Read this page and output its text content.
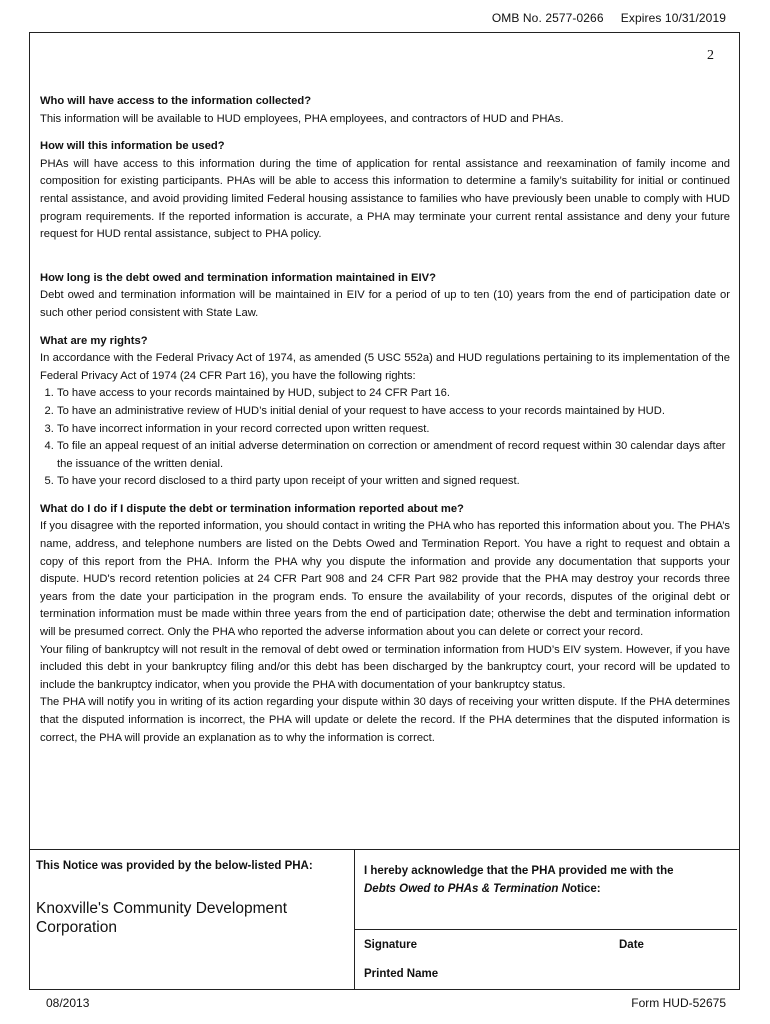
OMB No. 2577-0266 Expires 10/31/2019
2

Who will have access to the information collected?

This information will be available to HUD employees, PHA employees, and contractors of HUD and PHAs.

How will this information be used?

PHAs will have access to this information during the time of application for rental assistance and reexamination of family income and composition for existing participants. PHAs will be able to access this information to determine a family’s suitability for initial or continued rental assistance, and avoid providing limited Federal housing assistance to families who have previously been unable to comply with HUD program requirements. If the reported information is accurate, a PHA may terminate your current rental assistance and deny your future request for HUD rental assistance, subject to PHA policy.

How long is the debt owed and termination information maintained in EIV?

Debt owed and termination information will be maintained in EIV for a period of up to ten (10) years from the end of participation date or such other period consistent with State Law.

What are my rights?

In accordance with the Federal Privacy Act of 1974, as amended (5 USC 552a) and HUD regulations pertaining to its implementation of the Federal Privacy Act of 1974 (24 CFR Part 16), you have the following rights:

1. To have access to your records maintained by HUD, subject to 24 CFR Part 16.
2. To have an administrative review of HUD’s initial denial of your request to have access to your records maintained by HUD.
3. To have incorrect information in your record corrected upon written request.
4. To file an appeal request of an initial adverse determination on correction or amendment of record request within 30 calendar days after the issuance of the written denial.
5. To have your record disclosed to a third party upon receipt of your written and signed request.

What do I do if I dispute the debt or termination information reported about me?

If you disagree with the reported information, you should contact in writing the PHA who has reported this information about you. The PHA’s name, address, and telephone numbers are listed on the Debts Owed and Termination Report. You have a right to request and obtain a copy of this report from the PHA. Inform the PHA why you dispute the information and provide any documentation that supports your dispute. HUD's record retention policies at 24 CFR Part 908 and 24 CFR Part 982 provide that the PHA may destroy your records three years from the date your participation in the program ends. To ensure the availability of your records, disputes of the original debt or termination information must be made within three years from the end of participation date; otherwise the debt and termination information will be presumed correct. Only the PHA who reported the adverse information about you can delete or correct your record.

Your filing of bankruptcy will not result in the removal of debt owed or termination information from HUD’s EIV system. However, if you have included this debt in your bankruptcy filing and/or this debt has been discharged by the bankruptcy court, your record will be updated to include the bankruptcy indicator, when you provide the PHA with documentation of your bankruptcy status.

The PHA will notify you in writing of its action regarding your dispute within 30 days of receiving your written dispute. If the PHA determines that the disputed information is incorrect, the PHA will update or delete the record. If the PHA determines that the disputed information is correct, the PHA will provide an explanation as to why the information is correct.

This Notice was provided by the below-listed PHA:
Knoxville's Community Development Corporation
I hereby acknowledge that the PHA provided me with the
Debts Owed to PHAs & Termination Notice:
Signature	Date
Printed Name
08/2013	Form HUD-52675
